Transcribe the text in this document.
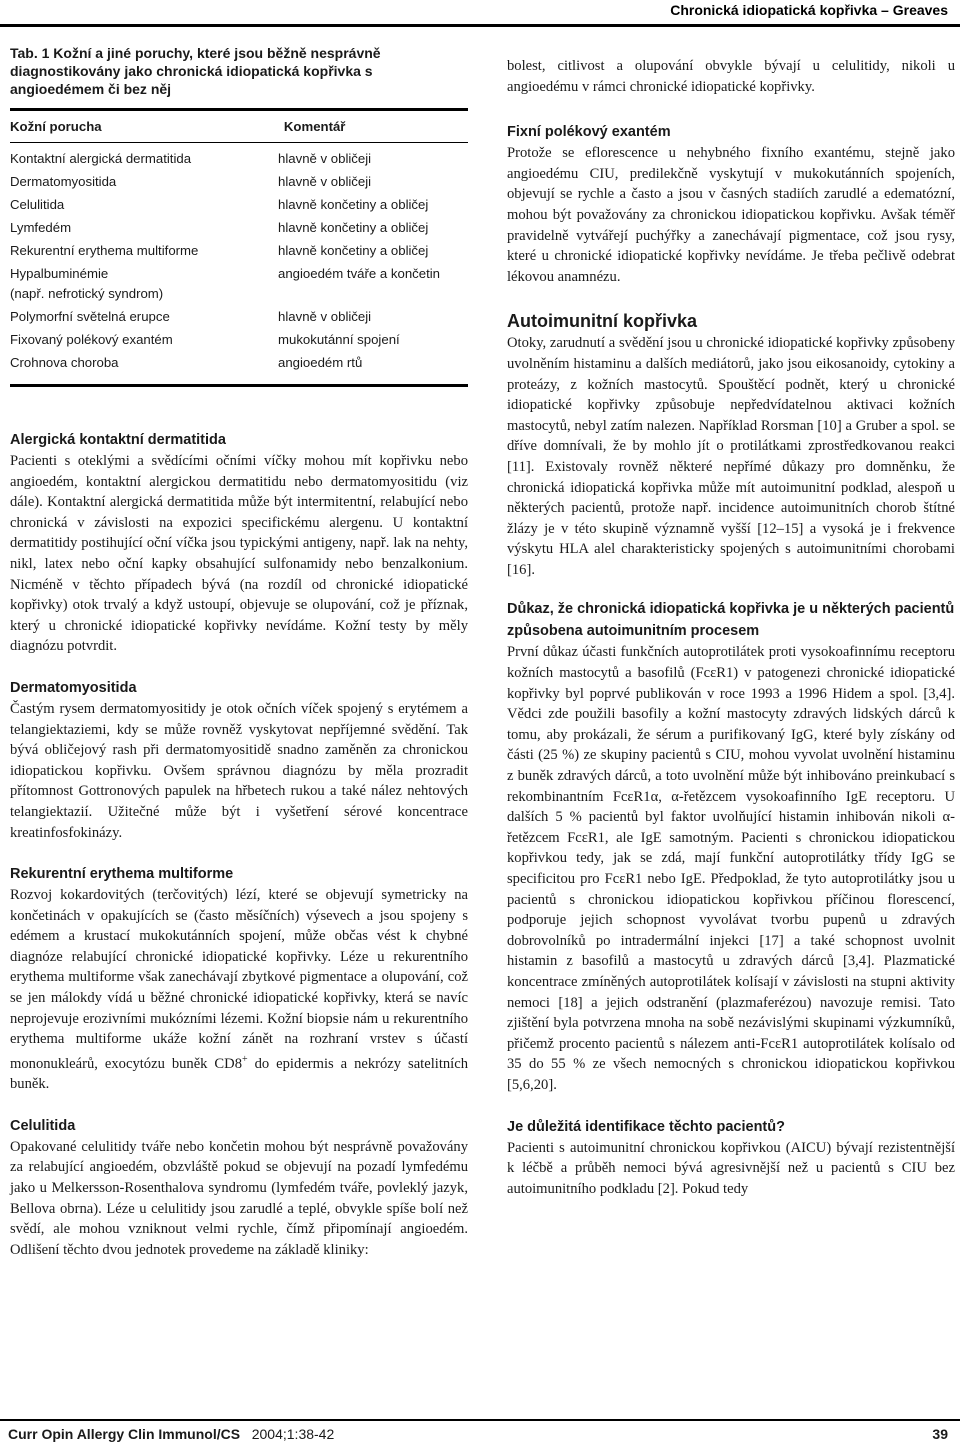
Chronická idiopatická kopřivka – Greaves

Tab. 1 Kožní a jiné poruchy, které jsou běžně nesprávně diagnostikovány jako chronická idiopatická kopřivka s angioedémem či bez něj

Kožní porucha	Komentář
Kontaktní alergická dermatitida	hlavně v obličeji
Dermatomyositida	hlavně v obličeji
Celulitida	hlavně končetiny a obličej
Lymfedém	hlavně končetiny a obličej
Rekurentní erythema multiforme	hlavně končetiny a obličej
Hypalbuminémie	angioedém tváře a končetin
(např. nefrotický syndrom)	
Polymorfní světelná erupce	hlavně v obličeji
Fixovaný polékový exantém	mukokutánní spojení
Crohnova choroba	angioedém rtů
Alergická kontaktní dermatitida

Pacienti s oteklými a svědícími očními víčky mohou mít kopřivku nebo angioedém, kontaktní alergickou dermatitidu nebo dermatomyositidu (viz dále). Kontaktní alergická dermatitida může být intermitentní, relabující nebo chronická v závislosti na expozici specifickému alergenu. U kontaktní dermatitidy postihující oční víčka jsou typickými antigeny, např. lak na nehty, nikl, latex nebo oční kapky obsahující sulfonamidy nebo benzalkonium. Nicméně v těchto případech bývá (na rozdíl od chronické idiopatické kopřivky) otok trvalý a když ustoupí, objevuje se olupování, což je příznak, který u chronické idiopatické kopřivky nevídáme. Kožní testy by měly diagnózu potvrdit.

Dermatomyositida

Častým rysem dermatomyositidy je otok očních víček spojený s erytémem a telangiektaziemi, kdy se může rovněž vyskytovat nepříjemné svědění. Tak bývá obličejový rash při dermatomyositidě snadno zaměněn za chronickou idiopatickou kopřivku. Ovšem správnou diagnózu by měla prozradit přítomnost Gottronových papulek na hřbetech rukou a také nález nehtových telangiektazií. Užitečné může být i vyšetření sérové koncentrace kreatinfosfokinázy.

Rekurentní erythema multiforme

Rozvoj kokardovitých (terčovitých) lézí, které se objevují symetricky na končetinách v opakujících se (často měsíčních) výsevech a jsou spojeny s edémem a krustací mukokutánních spojení, může občas vést k chybné diagnóze relabující chronické idiopatické kopřivky. Léze u rekurentního erythema multiforme však zanechávají zbytkové pigmentace a olupování, což se jen málokdy vídá u běžné chronické idiopatické kopřivky, která se navíc neprojevuje erozivními mukózními lézemi. Kožní biopsie nám u rekurentního erythema multiforme ukáže kožní zánět na rozhraní vrstev s účastí mononukleárů, exocytózu buněk CD8+ do epidermis a nekrózy satelitních buněk.

Celulitida

Opakované celulitidy tváře nebo končetin mohou být nesprávně považovány za relabující angioedém, obzvláště pokud se objevují na pozadí lymfedému jako u Melkersson-Rosenthalova syndromu (lymfedém tváře, povleklý jazyk, Bellova obrna). Léze u celulitidy jsou zarudlé a teplé, obvykle spíše bolí než svědí, ale mohou vzniknout velmi rychle, čímž připomínají angioedém. Odlišení těchto dvou jednotek provedeme na základě kliniky:

bolest, citlivost a olupování obvykle bývají u celulitidy, nikoli u angioedému v rámci chronické idiopatické kopřivky.

Fixní polékový exantém

Protože se eflorescence u nehybného fixního exantému, stejně jako angioedému CIU, predilekčně vyskytují v mukokutánních spojeních, objevují se rychle a často a jsou v časných stadiích zarudlé a edematózní, mohou být považovány za chronickou idiopatickou kopřivku. Avšak téměř pravidelně vytvářejí puchýřky a zanechávají pigmentace, což jsou rysy, které u chronické idiopatické kopřivky nevídáme. Je třeba pečlivě odebrat lékovou anamnézu.

Autoimunitní kopřivka

Otoky, zarudnutí a svědění jsou u chronické idiopatické kopřivky způsobeny uvolněním histaminu a dalších mediátorů, jako jsou eikosanoidy, cytokiny a proteázy, z kožních mastocytů. Spouštěcí podnět, který u chronické idiopatické kopřivky způsobuje nepředvídatelnou aktivaci kožních mastocytů, nebyl zatím nalezen. Například Rorsman [10] a Gruber a spol. se dříve domnívali, že by mohlo jít o protilátkami zprostředkovanou reakci [11]. Existovaly rovněž některé nepřímé důkazy pro domněnku, že chronická idiopatická kopřivka může mít autoimunitní podklad, alespoň u některých pacientů, protože např. incidence autoimunitních chorob štítné žlázy je v této skupině významně vyšší [12–15] a vysoká je i frekvence výskytu HLA alel charakteristicky spojených s autoimunitními chorobami [16].

Důkaz, že chronická idiopatická kopřivka je u některých pacientů způsobena autoimunitním procesem

První důkaz účasti funkčních autoprotilátek proti vysokoafinnímu receptoru kožních mastocytů a basofilů (FcεR1) v patogenezi chronické idiopatické kopřivky byl poprvé publikován v roce 1993 a 1996 Hidem a spol. [3,4]. Vědci zde použili basofily a kožní mastocyty zdravých lidských dárců k tomu, aby prokázali, že sérum a purifikovaný IgG, které byly získány od části (25 %) ze skupiny pacientů s CIU, mohou vyvolat uvolnění histaminu z buněk zdravých dárců, a toto uvolnění může být inhibováno preinkubací s rekombinantním FcεR1α, α-řetězcem vysokoafinního IgE receptoru. U dalších 5 % pacientů byl faktor uvolňující histamin inhibován nikoli α-řetězcem FcεR1, ale IgE samotným. Pacienti s chronickou idiopatickou kopřivkou tedy, jak se zdá, mají funkční autoprotilátky třídy IgG se specificitou pro FcεR1 nebo IgE. Předpoklad, že tyto autoprotilátky jsou u pacientů s chronickou idiopatickou kopřivkou příčinou florescencí, podporuje jejich schopnost vyvolávat tvorbu pupenů u zdravých dobrovolníků po intradermální injekci [17] a také schopnost uvolnit histamin z basofilů a mastocytů u zdravých dárců [3,4]. Plazmatické koncentrace zmíněných autoprotilátek kolísají v závislosti na stupni aktivity nemoci [18] a jejich odstranění (plazmaferézou) navozuje remisi. Tato zjištění byla potvrzena mnoha na sobě nezávislými skupinami výzkumníků, přičemž procento pacientů s nálezem anti-FcεR1 autoprotilátek kolísalo od 35 do 55 % ze všech nemocných s chronickou idiopatickou kopřivkou [5,6,20].

Je důležitá identifikace těchto pacientů?

Pacienti s autoimunitní chronickou kopřivkou (AICU) bývají rezistentnější k léčbě a průběh nemoci bývá agresivnější než u pacientů s CIU bez autoimunitního podkladu [2]. Pokud tedy

Curr Opin Allergy Clin Immunol/CS 2004;1:38-42	39
